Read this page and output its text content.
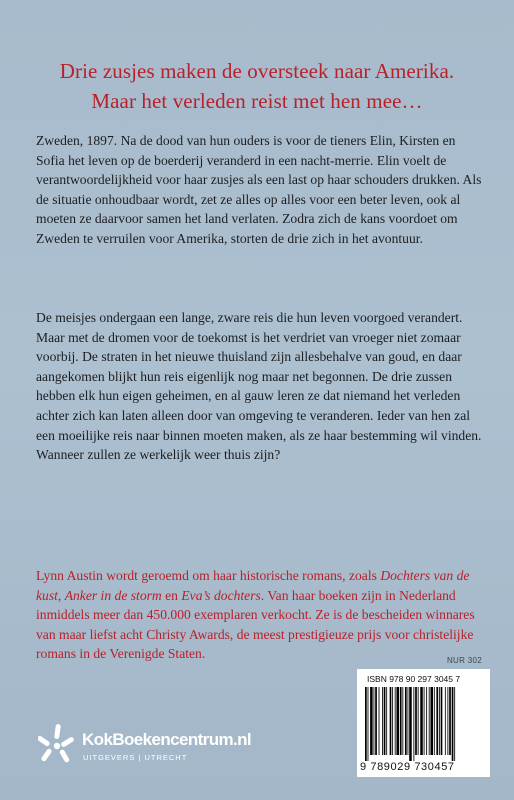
Drie zusjes maken de oversteek naar Amerika.

Maar het verleden reist met hen mee…

Zweden, 1897. Na de dood van hun ouders is voor de tieners Elin, Kirsten en Sofia het leven op de boerderij veranderd in een nacht-merrie. Elin voelt de verantwoordelijkheid voor haar zusjes als een last op haar schouders drukken. Als de situatie onhoudbaar wordt, zet ze alles op alles voor een beter leven, ook al moeten ze daarvoor samen het land verlaten. Zodra zich de kans voordoet om Zweden te verruilen voor Amerika, storten de drie zich in het avontuur.

De meisjes ondergaan een lange, zware reis die hun leven voorgoed verandert. Maar met de dromen voor de toekomst is het verdriet van vroeger niet zomaar voorbij. De straten in het nieuwe thuisland zijn allesbehalve van goud, en daar aangekomen blijkt hun reis eigenlijk nog maar net begonnen. De drie zussen hebben elk hun eigen geheimen, en al gauw leren ze dat niemand het verleden achter zich kan laten alleen door van omgeving te veranderen. Ieder van hen zal een moeilijke reis naar binnen moeten maken, als ze haar bestemming wil vinden. Wanneer zullen ze werkelijk weer thuis zijn?

Lynn Austin wordt geroemd om haar historische romans, zoals Dochters van de kust, Anker in de storm en Eva’s dochters. Van haar boeken zijn in Nederland inmiddels meer dan 450.000 exemplaren verkocht. Ze is de bescheiden winnares van maar liefst acht Christy Awards, de meest prestigieuze prijs voor christelijke romans in de Verenigde Staten.	NUR 302
ISBN 978 90 297 3045 7
9 789029 730457
KokBoekencentrum.nl
UITGEVERS | UTRECHT
